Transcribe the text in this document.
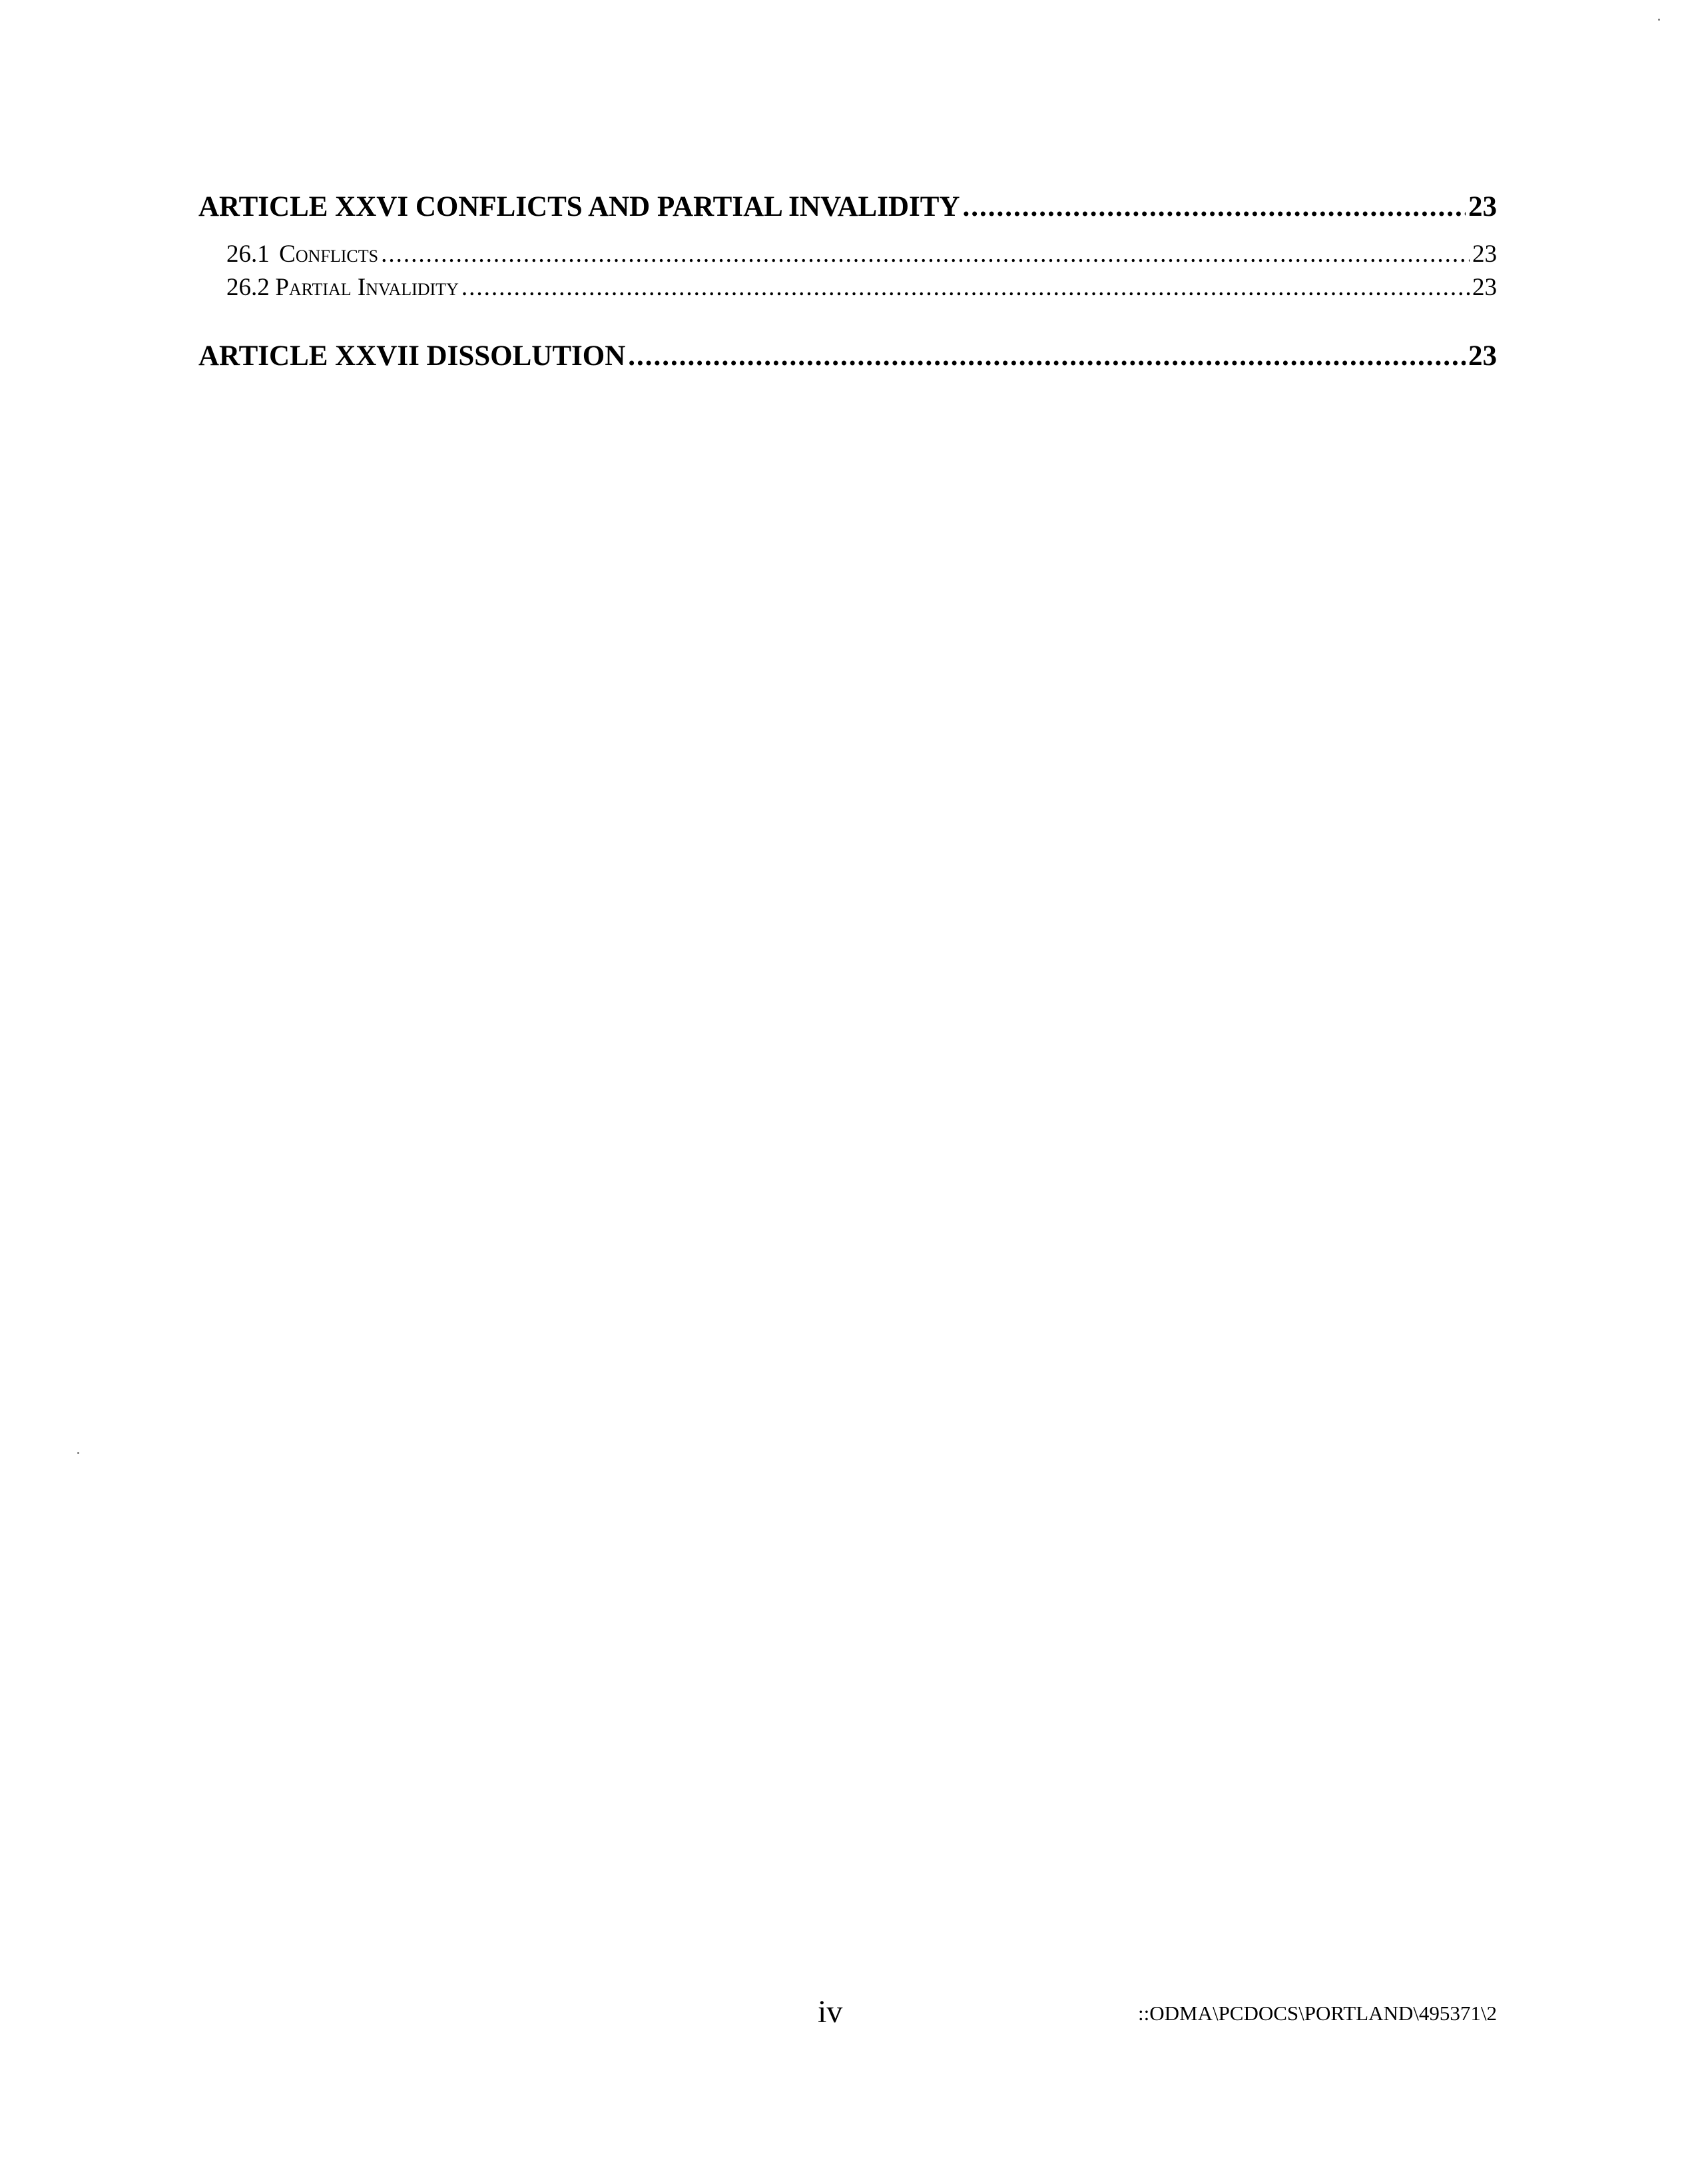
ARTICLE XXVI CONFLICTS AND PARTIAL INVALIDITY .....	23
26.1 Conflicts .....	23
26.2 Partial Invalidity .....	23
ARTICLE XXVII DISSOLUTION .....	23
iv	::ODMA\PCDOCS\PORTLAND\495371\2
